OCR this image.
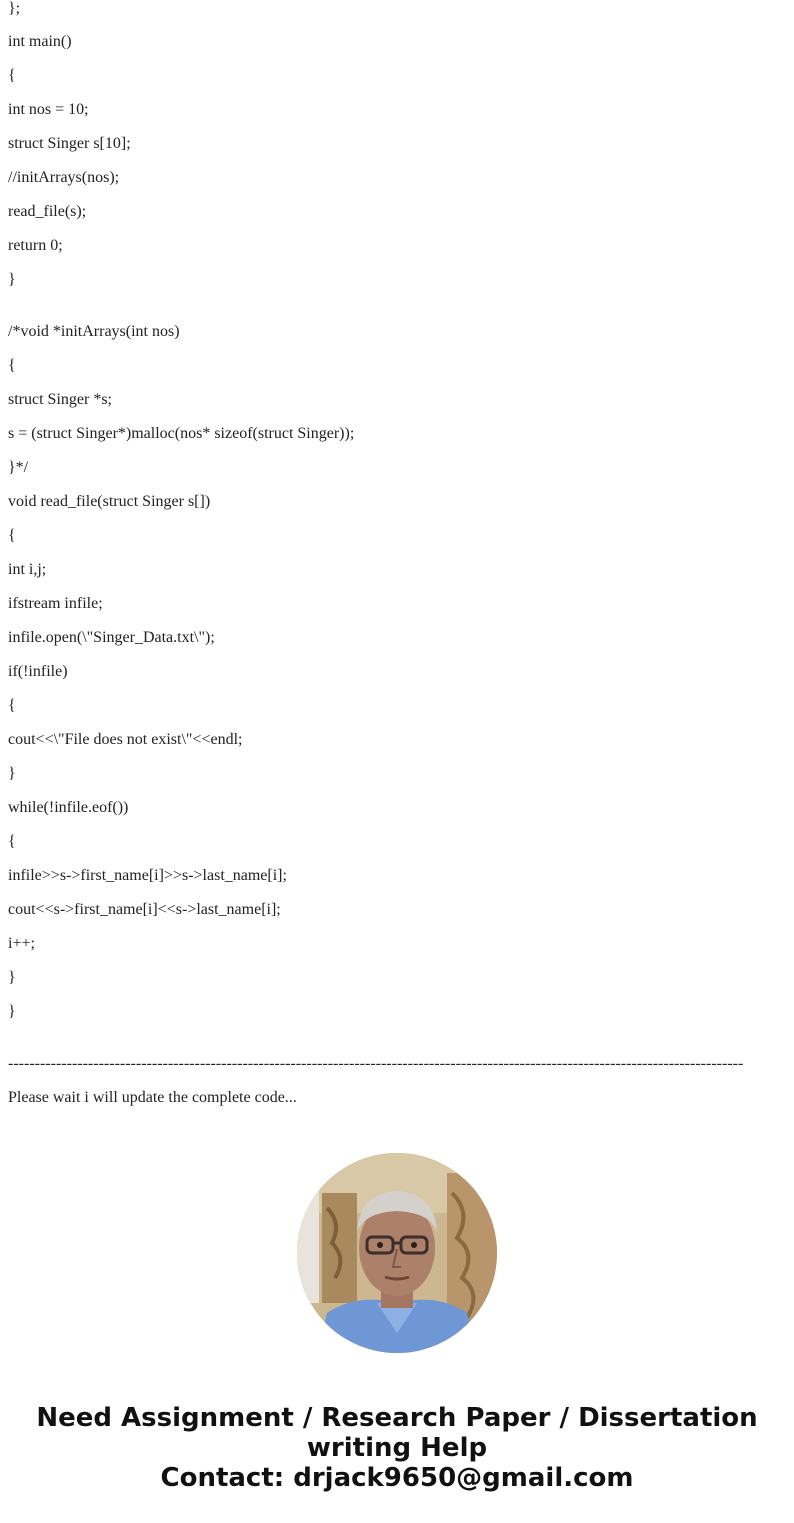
};
int main()
{
int nos = 10;
struct Singer s[10];
//initArrays(nos);
read_file(s);
return 0;
}
/*void *initArrays(int nos)
{
struct Singer *s;
s = (struct Singer*)malloc(nos* sizeof(struct Singer));
}*/
void read_file(struct Singer s[])
{
int i,j;
ifstream infile;
infile.open(\"Singer_Data.txt\");
if(!infile)
{
cout<<\"File does not exist\"<<endl;
}
while(!infile.eof())
{
infile>>s->first_name[i]>>s->last_name[i];
cout<<s->first_name[i]<<s->last_name[i];
i++;
}
}
------------------------------------------------------------------------------------------------------------------------------------------
Please wait i will update the complete code...
Need Assignment / Research Paper / Dissertation
writing Help
Contact: drjack9650@gmail.com
